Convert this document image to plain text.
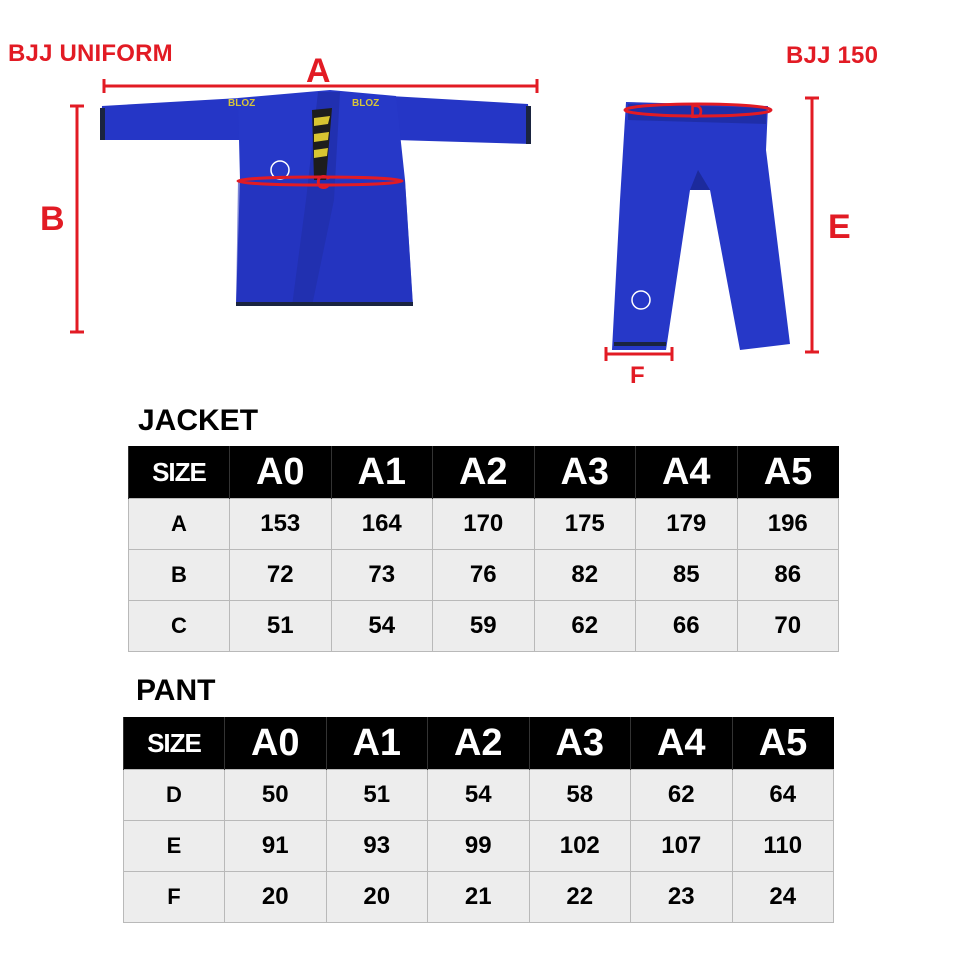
BJJ UNIFORM	BJJ 150
BLOZ	BLOZ
A
B
C
D
E
F
JACKET
SIZE	A0	A1	A2	A3	A4	A5
A	153	164	170	175	179	196
B	72	73	76	82	85	86
C	51	54	59	62	66	70
PANT
SIZE	A0	A1	A2	A3	A4	A5
D	50	51	54	58	62	64
E	91	93	99	102	107	110
F	20	20	21	22	23	24
